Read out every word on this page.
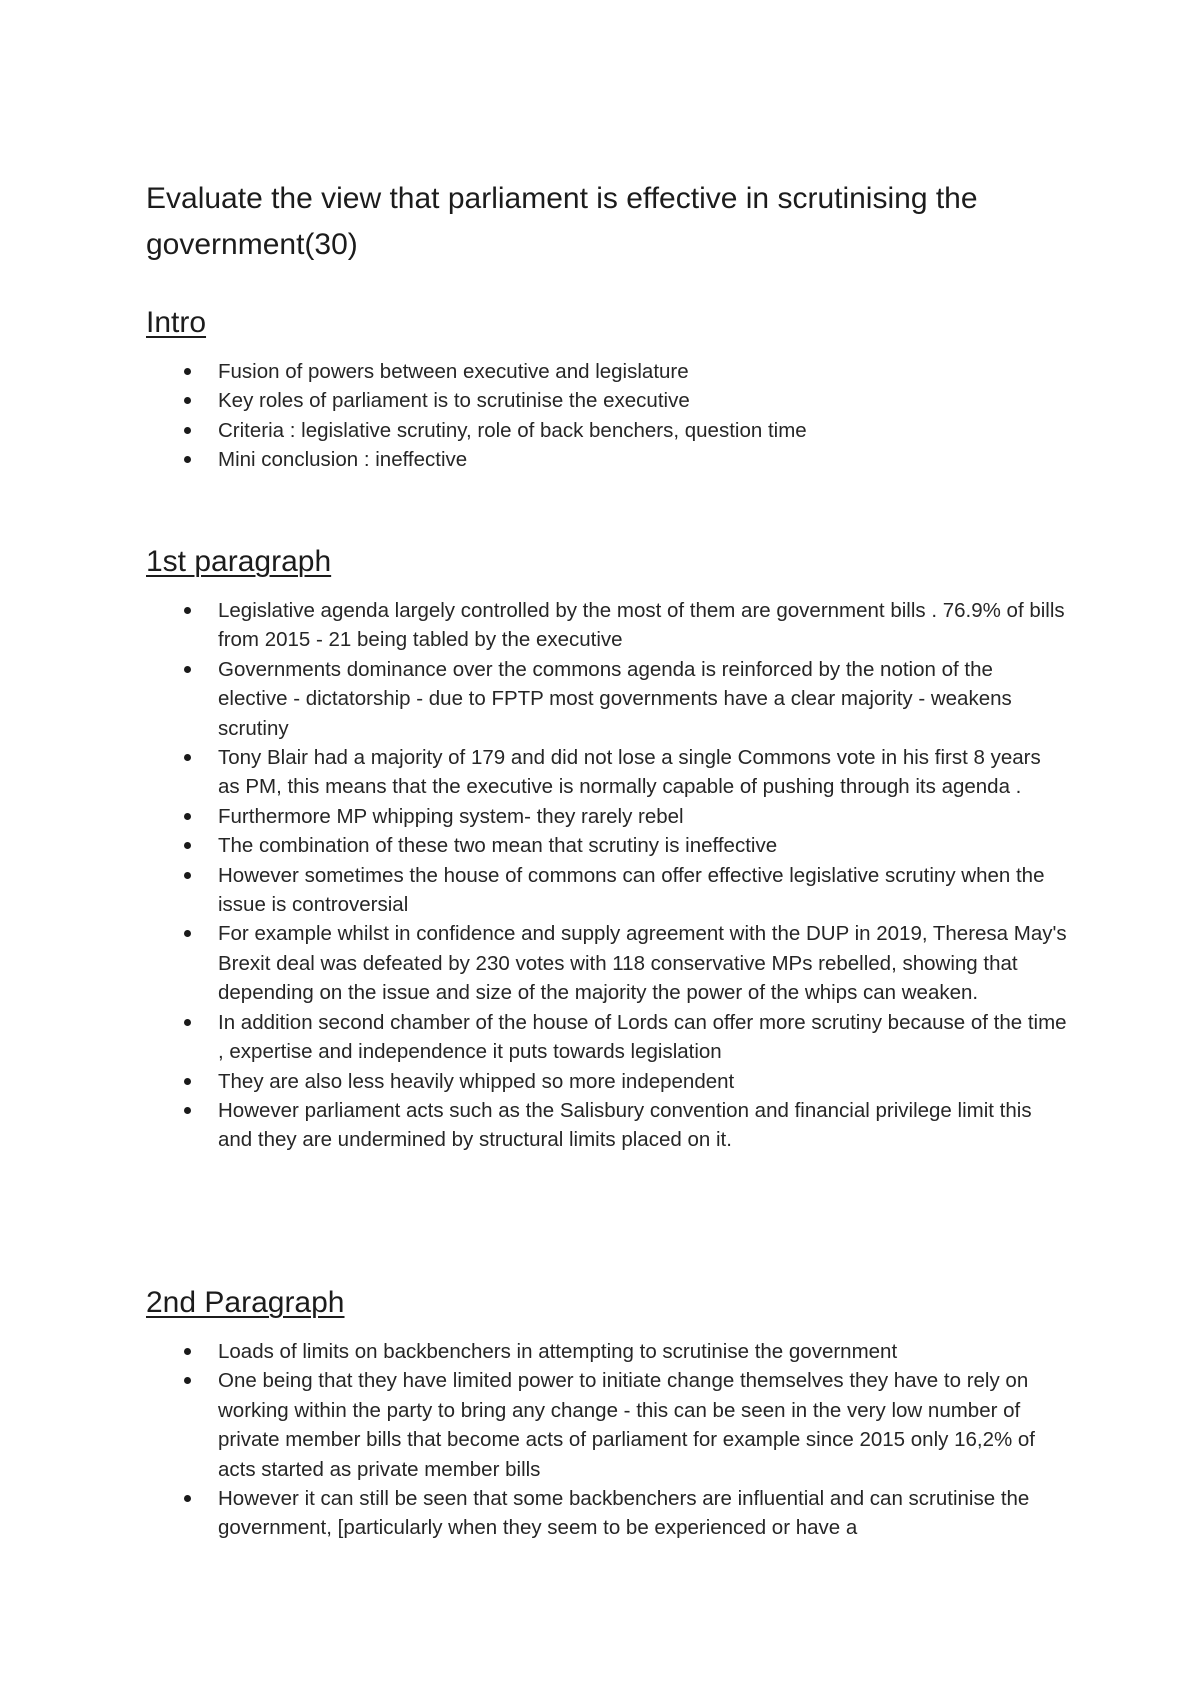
Evaluate the view that parliament is effective in scrutinising the government(30)
Intro
Fusion of powers between executive and legislature
Key roles of parliament is to scrutinise the executive
Criteria : legislative scrutiny, role of back benchers, question time
Mini conclusion : ineffective
1st paragraph
Legislative agenda largely controlled by the most of them are government bills . 76.9% of bills from 2015 - 21 being tabled by the executive
Governments dominance over the commons agenda is reinforced by the notion of the elective - dictatorship - due to FPTP most governments have a clear majority - weakens scrutiny
Tony Blair had a majority of 179 and did not lose a single Commons vote in his first 8 years as PM, this means that the executive is normally capable of pushing through its agenda .
Furthermore MP whipping system- they rarely rebel
The combination of these two mean that scrutiny is ineffective
However sometimes the house of commons can offer effective legislative scrutiny when the issue is controversial
For example whilst in confidence and supply agreement with the DUP in 2019, Theresa May's Brexit deal was defeated by 230 votes with 118 conservative MPs rebelled, showing that depending on the issue and size of the majority the power of the whips can weaken.
In addition second chamber of the house of Lords can offer more scrutiny because of the time , expertise and independence it puts towards legislation
They are also less heavily whipped so more independent
However parliament acts such as the Salisbury convention and financial privilege limit this and they are undermined by structural limits placed on it.
2nd Paragraph
Loads of limits on backbenchers in attempting to scrutinise the government
One being that they have limited power to initiate change themselves they have to rely on working within the party to bring any change - this can be seen in the very low number of private member bills that become acts of parliament for example since 2015 only 16,2% of acts started as private member bills
However it can still be seen that some backbenchers are influential and can scrutinise the government, [particularly when they seem to be experienced or have a
